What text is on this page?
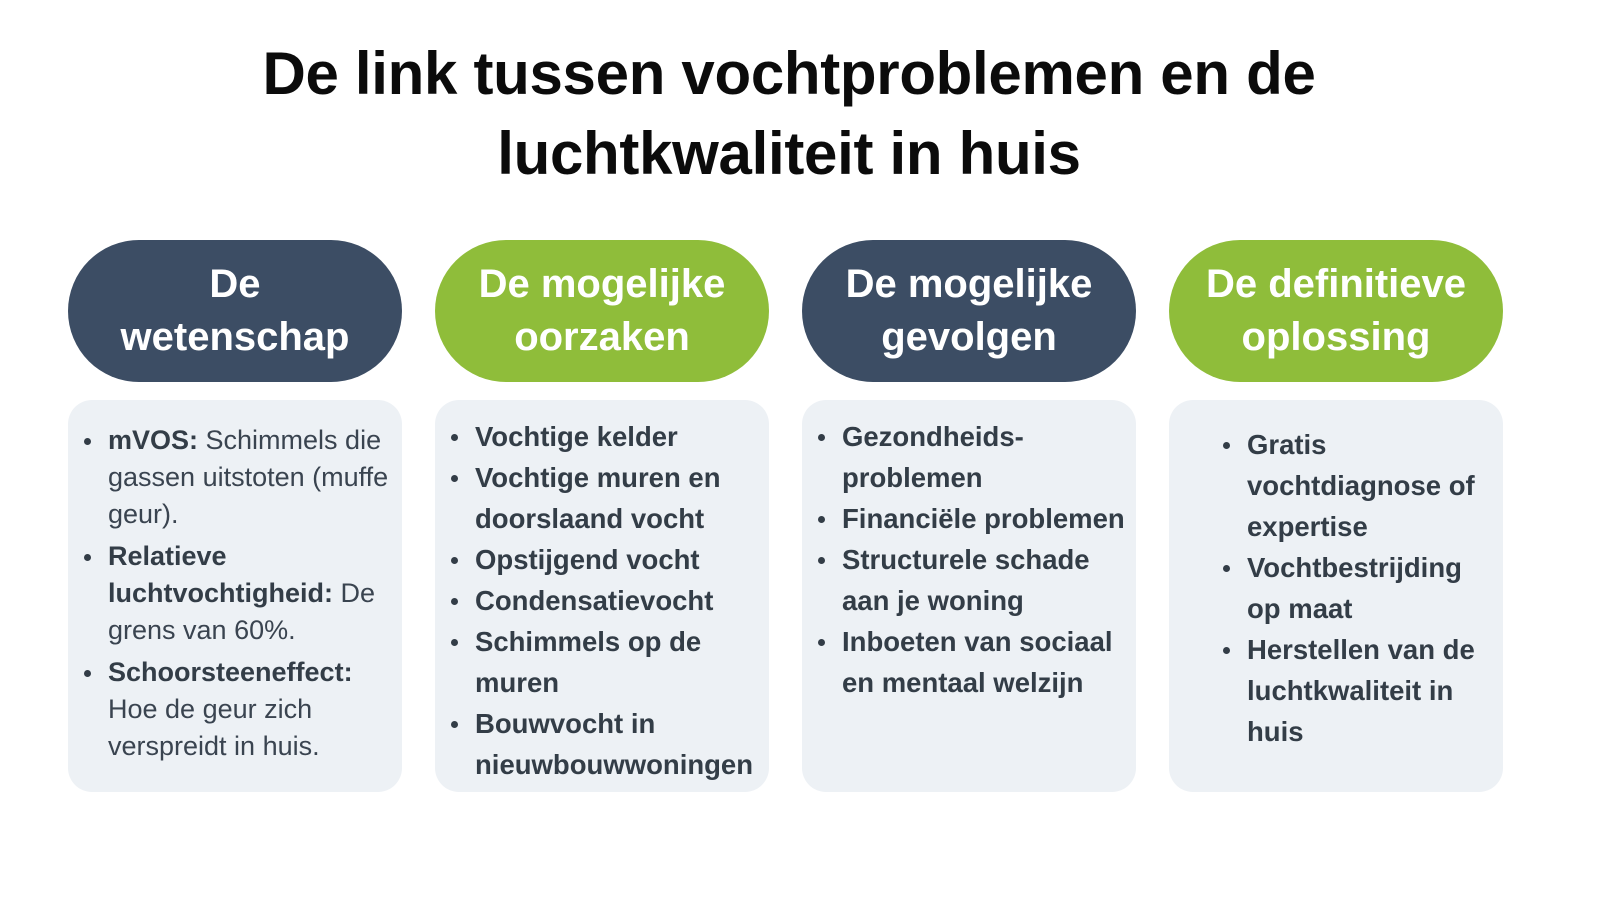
De link tussen vochtproblemen en de
luchtkwaliteit in huis
De
wetenschap
mVOS: Schimmels die gassen uitstoten (muffe geur).
Relatieve luchtvochtigheid: De grens van 60%.
Schoorsteeneffect: Hoe de geur zich verspreidt in huis.
De mogelijke
oorzaken
Vochtige kelder
Vochtige muren en doorslaand vocht
Opstijgend vocht
Condensatievocht
Schimmels op de muren
Bouwvocht in nieuwbouwwoningen
De mogelijke
gevolgen
Gezondheids-problemen
Financiële problemen
Structurele schade aan je woning
Inboeten van sociaal en mentaal welzijn
De definitieve
oplossing
Gratis vochtdiagnose of expertise
Vochtbestrijding op maat
Herstellen van de luchtkwaliteit in huis
